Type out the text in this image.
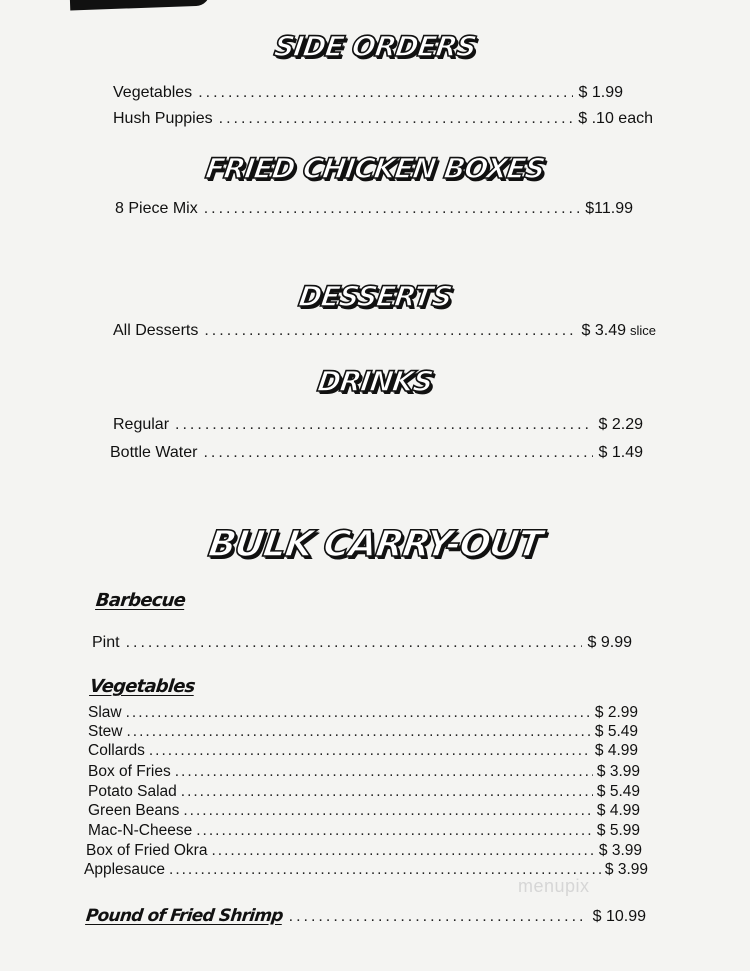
SIDE ORDERS
Vegetables .....	$ 1.99
Hush Puppies .....	$ .10 each
FRIED CHICKEN BOXES
8 Piece Mix .....	$11.99
DESSERTS
All Desserts .....	$ 3.49 slice
DRINKS
Regular .....	$ 2.29
Bottle Water .....	$ 1.49
BULK CARRY-OUT
Barbecue
Pint .....	$ 9.99
Vegetables
Slaw .....	$ 2.99
Stew .....	$ 5.49
Collards .....	$ 4.99
Box of Fries .....	$ 3.99
Potato Salad .....	$ 5.49
Green Beans .....	$ 4.99
Mac-N-Cheese .....	$ 5.99
Box of Fried Okra .....	$ 3.99
Applesauce .....	$ 3.99
Pound of Fried Shrimp .....	$ 10.99
menupix
